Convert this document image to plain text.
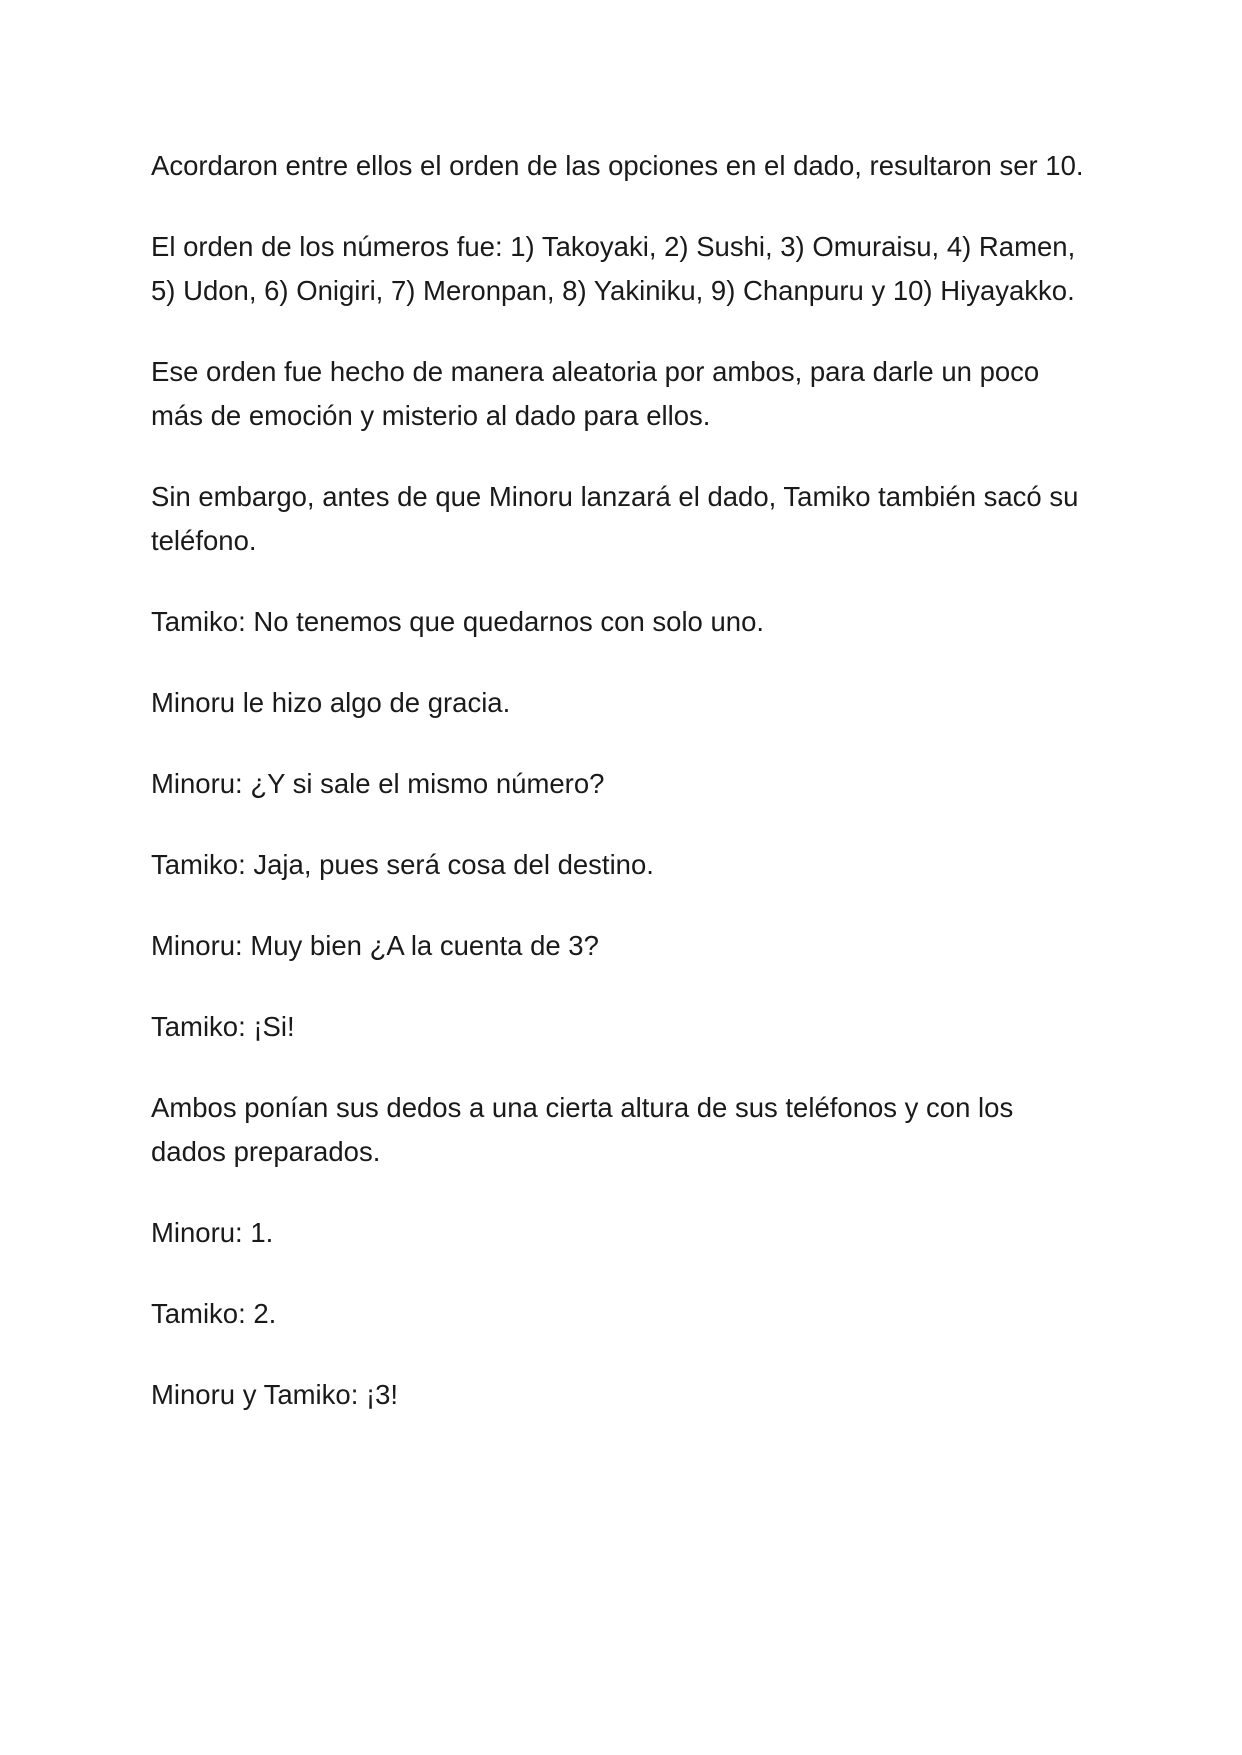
Acordaron entre ellos el orden de las opciones en el dado, resultaron ser 10.

El orden de los números fue: 1) Takoyaki, 2) Sushi, 3) Omuraisu, 4) Ramen, 5) Udon, 6) Onigiri, 7) Meronpan, 8) Yakiniku, 9) Chanpuru y 10) Hiyayakko.

Ese orden fue hecho de manera aleatoria por ambos, para darle un poco más de emoción y misterio al dado para ellos.

Sin embargo, antes de que Minoru lanzará el dado, Tamiko también sacó su teléfono.

Tamiko: No tenemos que quedarnos con solo uno.

Minoru le hizo algo de gracia.

Minoru: ¿Y si sale el mismo número?

Tamiko: Jaja, pues será cosa del destino.

Minoru: Muy bien ¿A la cuenta de 3?

Tamiko: ¡Si!

Ambos ponían sus dedos a una cierta altura de sus teléfonos y con los dados preparados.

Minoru: 1.

Tamiko: 2.

Minoru y Tamiko: ¡3!
